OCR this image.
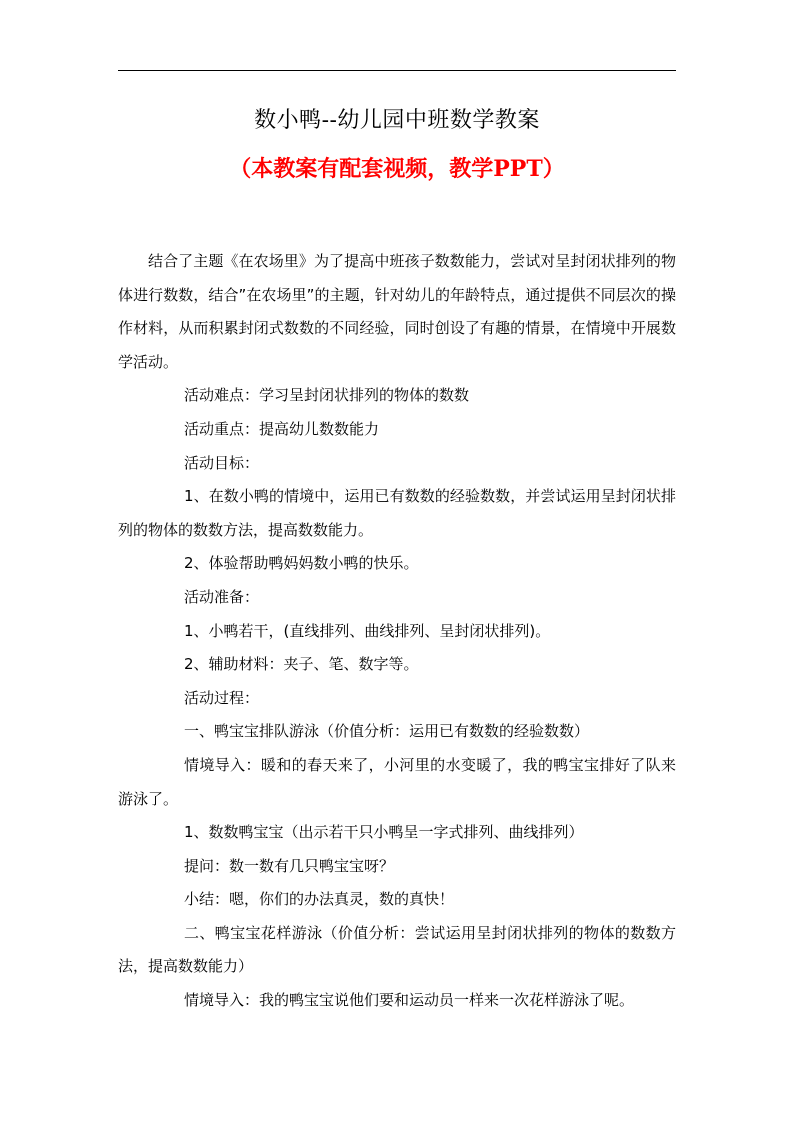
数小鸭--幼儿园中班数学教案
（本教案有配套视频，教学PPT）

结合了主题《在农场里》为了提高中班孩子数数能力，尝试对呈封闭状排列的物体进行数数，结合”在农场里”的主题，针对幼儿的年龄特点，通过提供不同层次的操作材料，从而积累封闭式数数的不同经验，同时创设了有趣的情景，在情境中开展数学活动。

活动难点：学习呈封闭状排列的物体的数数

活动重点：提高幼儿数数能力

活动目标：

1、在数小鸭的情境中，运用已有数数的经验数数，并尝试运用呈封闭状排列的物体的数数方法，提高数数能力。

2、体验帮助鸭妈妈数小鸭的快乐。

活动准备：

1、小鸭若干，(直线排列、曲线排列、呈封闭状排列)。

2、辅助材料：夹子、笔、数字等。

活动过程：

一、鸭宝宝排队游泳（价值分析：运用已有数数的经验数数）

情境导入：暖和的春天来了，小河里的水变暖了，我的鸭宝宝排好了队来游泳了。

1、数数鸭宝宝（出示若干只小鸭呈一字式排列、曲线排列）

提问：数一数有几只鸭宝宝呀？

小结：嗯，你们的办法真灵，数的真快！

二、鸭宝宝花样游泳（价值分析：尝试运用呈封闭状排列的物体的数数方法，提高数数能力）

情境导入：我的鸭宝宝说他们要和运动员一样来一次花样游泳了呢。
